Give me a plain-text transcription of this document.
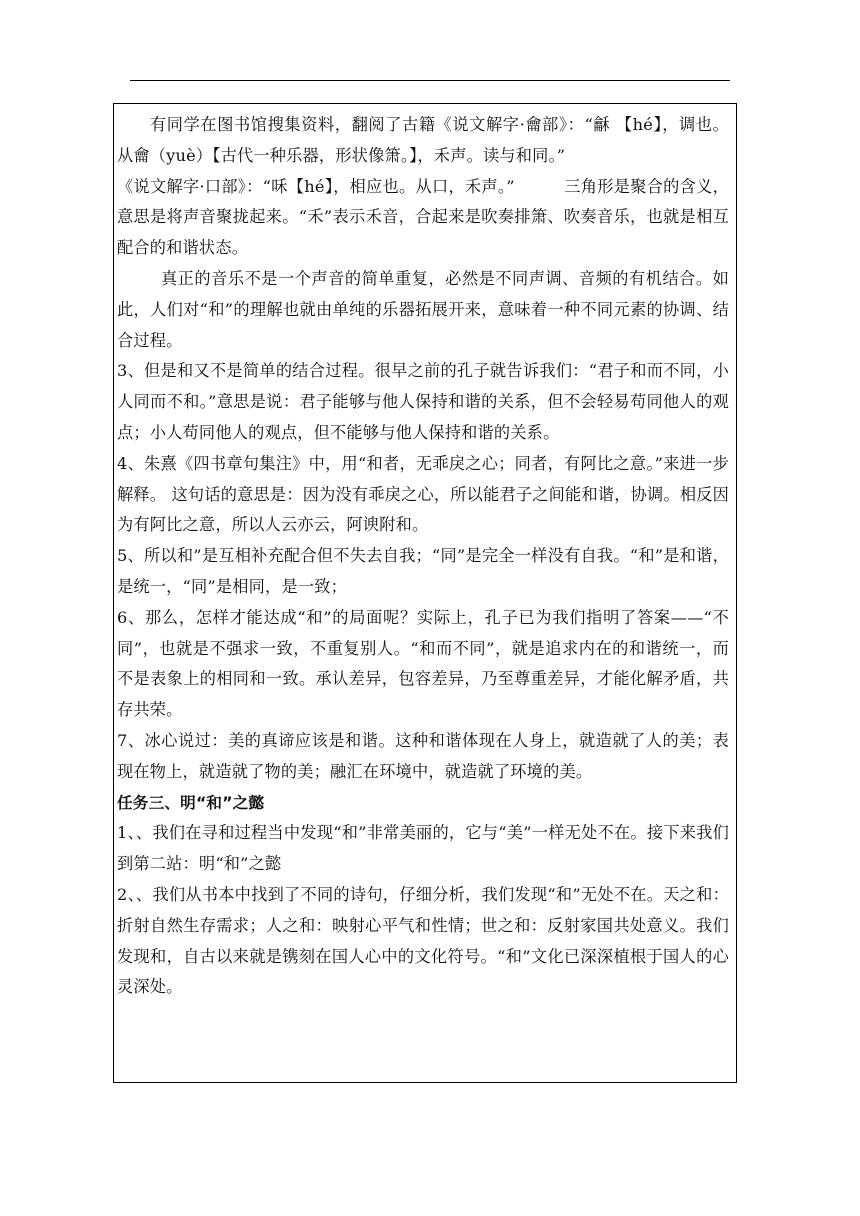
有同学在图书馆搜集资料，翻阅了古籍《说文解字·龠部》：“龢 【hé】，调也。从龠（yuè）【古代一种乐器，形状像箫。】，禾声。读与和同。”

《说文解字·口部》：“咊【hé】，相应也。从口，禾声。”　　　三角形是聚合的含义，意思是将声音聚拢起来。“禾”表示禾音，合起来是吹奏排箫、吹奏音乐，也就是相互配合的和谐状态。

真正的音乐不是一个声音的简单重复，必然是不同声调、音频的有机结合。如此，人们对“和”的理解也就由单纯的乐器拓展开来，意味着一种不同元素的协调、结合过程。

3、但是和又不是简单的结合过程。很早之前的孔子就告诉我们：“君子和而不同，小人同而不和。”意思是说：君子能够与他人保持和谐的关系，但不会轻易苟同他人的观点；小人苟同他人的观点，但不能够与他人保持和谐的关系。

4、朱熹《四书章句集注》中，用“和者，无乖戾之心；同者，有阿比之意。”来进一步解释。 这句话的意思是：因为没有乖戾之心，所以能君子之间能和谐，协调。相反因为有阿比之意，所以人云亦云，阿谀附和。

5、所以和”是互相补充配合但不失去自我；“同”是完全一样没有自我。“和”是和谐，是统一，“同”是相同，是一致；

6、那么，怎样才能达成“和”的局面呢？实际上，孔子已为我们指明了答案——“不同”，也就是不强求一致，不重复别人。“和而不同”，就是追求内在的和谐统一，而不是表象上的相同和一致。承认差异，包容差异，乃至尊重差异，才能化解矛盾，共存共荣。

7、冰心说过：美的真谛应该是和谐。这种和谐体现在人身上，就造就了人的美；表现在物上，就造就了物的美；融汇在环境中，就造就了环境的美。

任务三、明“和”之懿

1、、我们在寻和过程当中发现“和”非常美丽的，它与“美”一样无处不在。接下来我们到第二站：明“和”之懿

2、、我们从书本中找到了不同的诗句，仔细分析，我们发现“和”无处不在。天之和：折射自然生存需求；人之和：映射心平气和性情；世之和：反射家国共处意义。我们发现和，自古以来就是镌刻在国人心中的文化符号。“和”文化已深深植根于国人的心灵深处。
